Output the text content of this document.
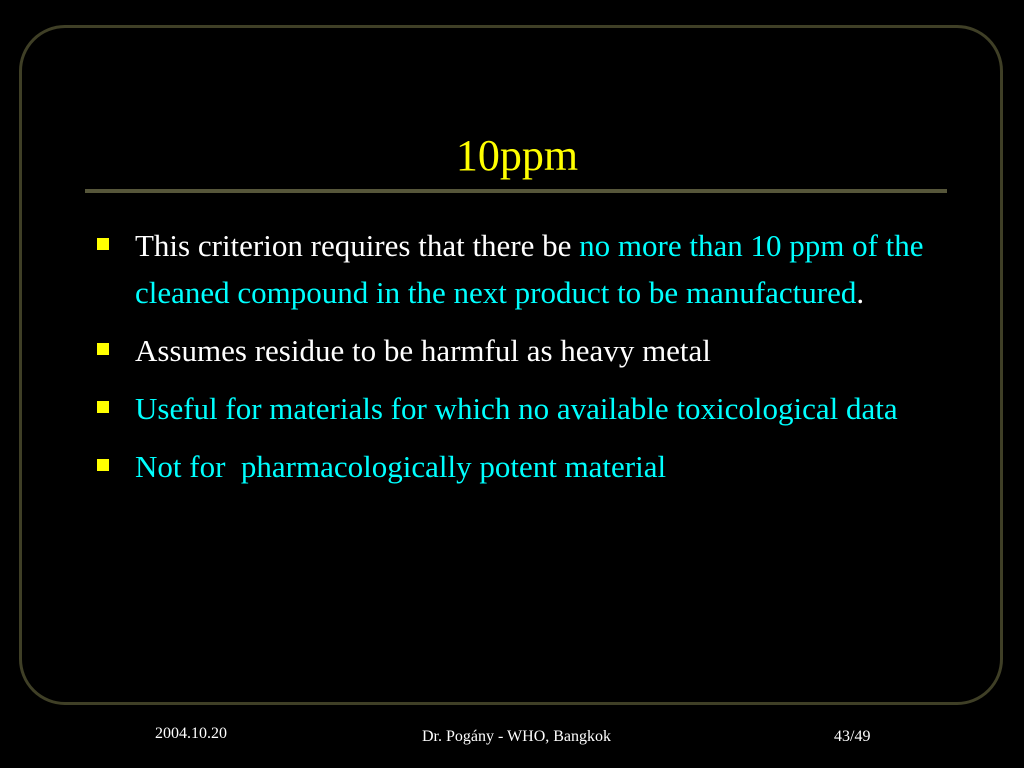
10ppm
This criterion requires that there be no more than 10 ppm of the cleaned compound in the next product to be manufactured.
Assumes residue to be harmful as heavy metal
Useful for materials for which no available toxicological data
Not for  pharmacologically potent material
2004.10.20	Dr. Pogány - WHO, Bangkok	43/49
